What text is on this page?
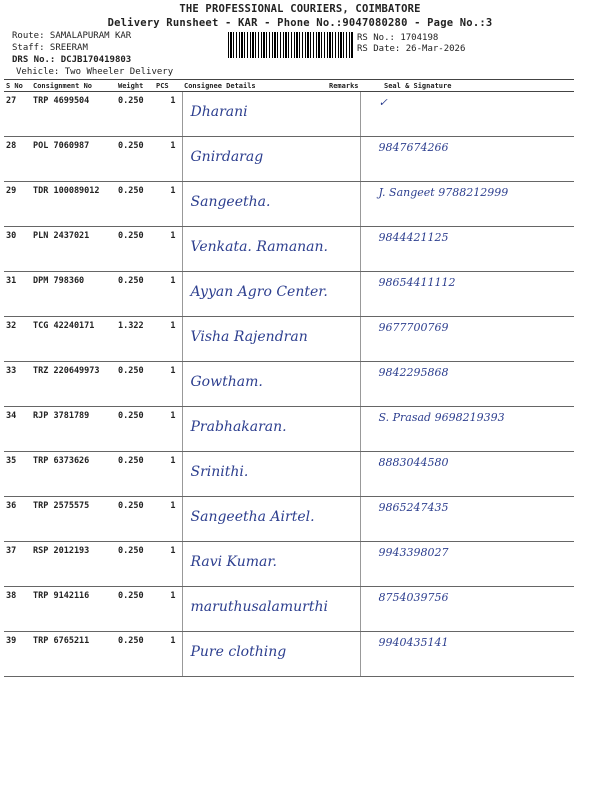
THE PROFESSIONAL COURIERS, COIMBATORE
Delivery Runsheet - KAR - Phone No.:9047080280 - Page No.:3
Route: SAMALAPURAM KAR
Staff: SREERAM
DRS No.: DCJB170419803
Vehicle: Two Wheeler Delivery
RS No.: 1704198
RS Date: 26-Mar-2026
S No	Consignment No	Weight	PCS	Consignee Details	Remarks	Seal & Signature
27	TRP 4699504	0.250	1	Dharani		✓
28	POL 7060987	0.250	1	Gnirdarag		9847674266
29	TDR 100089012	0.250	1	Sangeetha.		J. Sangeet 9788212999
30	PLN 2437021	0.250	1	Venkata. Ramanan.		9844421125
31	DPM 798360	0.250	1	Ayyan Agro Center.		98654411112
32	TCG 42240171	1.322	1	Visha Rajendran		9677700769
33	TRZ 220649973	0.250	1	Gowtham.		9842295868
34	RJP 3781789	0.250	1	Prabhakaran.		S. Prasad 9698219393
35	TRP 6373626	0.250	1	Srinithi.		8883044580
36	TRP 2575575	0.250	1	Sangeetha Airtel.		9865247435
37	RSP 2012193	0.250	1	Ravi Kumar.		9943398027
38	TRP 9142116	0.250	1	maruthusalamurthi		8754039756
39	TRP 6765211	0.250	1	Pure clothing		9940435141
